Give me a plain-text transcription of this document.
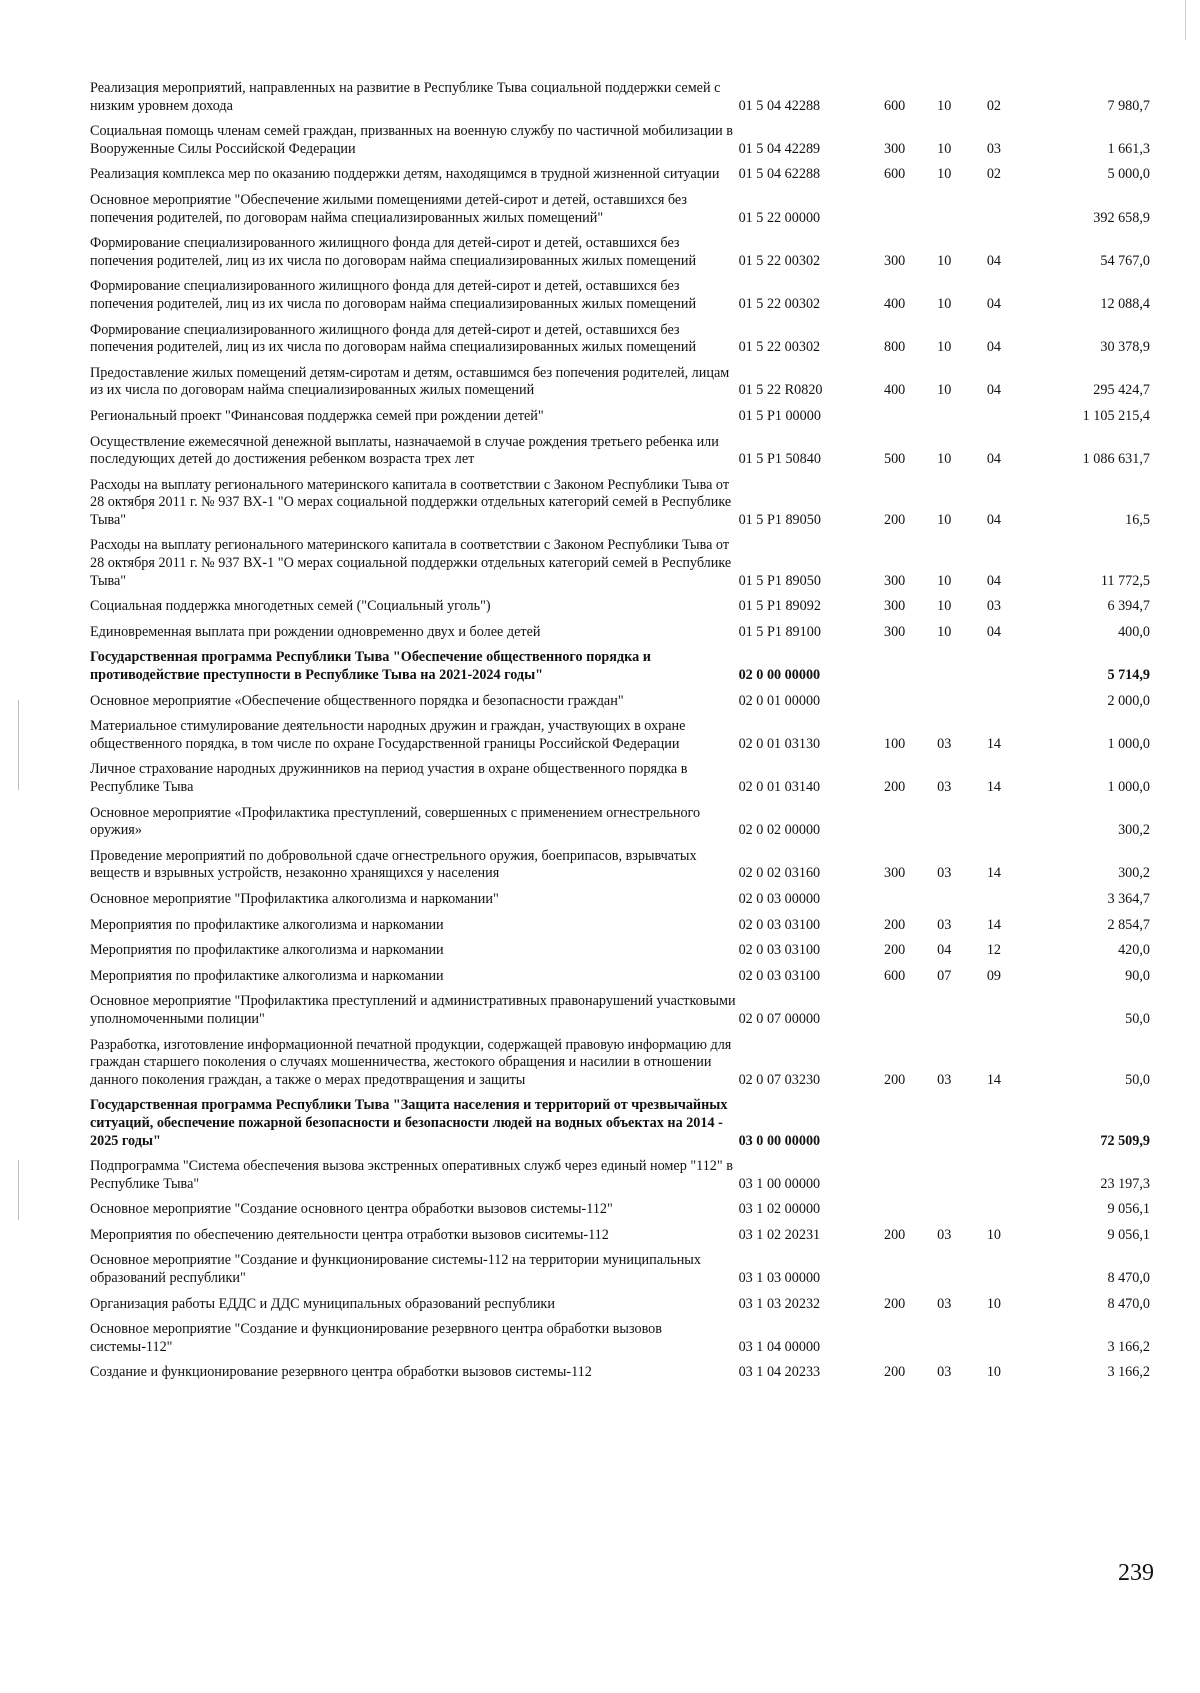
Реализация мероприятий, направленных на развитие в Республике Тыва социальной поддержки семей с низким уровнем дохода	01 5 04 42288	600	10	02	7 980,7
Социальная помощь членам семей граждан, призванных на военную службу по частичной мобилизации в Вооруженные Силы Российской Федерации	01 5 04 42289	300	10	03	1 661,3
Реализация комплекса мер по оказанию поддержки детям, находящимся в трудной жизненной ситуации	01 5 04 62288	600	10	02	5 000,0
Основное мероприятие "Обеспечение жилыми помещениями детей-сирот и детей, оставшихся без попечения родителей, по договорам найма специализированных жилых помещений"	01 5 22 00000				392 658,9
Формирование специализированного жилищного фонда для детей-сирот и детей, оставшихся без попечения родителей, лиц из их числа по договорам найма специализированных жилых помещений	01 5 22 00302	300	10	04	54 767,0
Формирование специализированного жилищного фонда для детей-сирот и детей, оставшихся без попечения родителей, лиц из их числа по договорам найма специализированных жилых помещений	01 5 22 00302	400	10	04	12 088,4
Формирование специализированного жилищного фонда для детей-сирот и детей, оставшихся без попечения родителей, лиц из их числа по договорам найма специализированных жилых помещений	01 5 22 00302	800	10	04	30 378,9
Предоставление жилых помещений детям-сиротам и детям, оставшимся без попечения родителей, лицам из их числа по договорам найма специализированных жилых помещений	01 5 22 R0820	400	10	04	295 424,7
Региональный проект "Финансовая поддержка семей при рождении детей"	01 5 P1 00000				1 105 215,4
Осуществление ежемесячной денежной выплаты, назначаемой в случае рождения третьего ребенка или последующих детей до достижения ребенком возраста трех лет	01 5 P1 50840	500	10	04	1 086 631,7
Расходы на выплату регионального материнского капитала в соответствии с Законом Республики Тыва от 28 октября 2011 г. № 937 ВХ-1 "О мерах социальной поддержки отдельных категорий семей в Республике Тыва"	01 5 P1 89050	200	10	04	16,5
Расходы на выплату регионального материнского капитала в соответствии с Законом Республики Тыва от 28 октября 2011 г. № 937 ВХ-1 "О мерах социальной поддержки отдельных категорий семей в Республике Тыва"	01 5 P1 89050	300	10	04	11 772,5
Социальная поддержка многодетных семей ("Социальный уголь")	01 5 P1 89092	300	10	03	6 394,7
Единовременная выплата при рождении одновременно двух и более детей	01 5 P1 89100	300	10	04	400,0
Государственная программа Республики Тыва "Обеспечение общественного порядка и противодействие преступности в Республике Тыва на 2021-2024 годы"	02 0 00 00000				5 714,9
Основное мероприятие «Обеспечение общественного порядка и безопасности граждан"	02 0 01 00000				2 000,0
Материальное стимулирование деятельности народных дружин и граждан, участвующих в охране общественного порядка, в том числе по охране Государственной границы Российской Федерации	02 0 01 03130	100	03	14	1 000,0
Личное страхование народных дружинников на период участия в охране общественного порядка в Республике Тыва	02 0 01 03140	200	03	14	1 000,0
Основное мероприятие «Профилактика преступлений, совершенных с применением огнестрельного оружия»	02 0 02 00000				300,2
Проведение мероприятий по добровольной сдаче огнестрельного оружия, боеприпасов, взрывчатых веществ и взрывных устройств, незаконно хранящихся у населения	02 0 02 03160	300	03	14	300,2
Основное мероприятие "Профилактика алкоголизма и наркомании"	02 0 03 00000				3 364,7
Мероприятия по профилактике алкоголизма и наркомании	02 0 03 03100	200	03	14	2 854,7
Мероприятия по профилактике алкоголизма и наркомании	02 0 03 03100	200	04	12	420,0
Мероприятия по профилактике алкоголизма и наркомании	02 0 03 03100	600	07	09	90,0
Основное мероприятие "Профилактика преступлений и административных правонарушений участковыми уполномоченными полиции"	02 0 07 00000				50,0
Разработка, изготовление информационной печатной продукции, содержащей правовую информацию для граждан старшего поколения о случаях мошенничества, жестокого обращения и насилии в отношении данного поколения граждан, а также о мерах предотвращения и защиты	02 0 07 03230	200	03	14	50,0
Государственная программа Республики Тыва "Защита населения и территорий от чрезвычайных ситуаций, обеспечение пожарной безопасности и безопасности людей на водных объектах на 2014 - 2025 годы"	03 0 00 00000				72 509,9
Подпрограмма "Система обеспечения вызова экстренных оперативных служб через единый номер "112" в Республике Тыва"	03 1 00 00000				23 197,3
Основное мероприятие "Создание основного центра обработки вызовов системы-112"	03 1 02 00000				9 056,1
Мероприятия по обеспечению деятельности центра отработки вызовов сиситемы-112	03 1 02 20231	200	03	10	9 056,1
Основное мероприятие "Создание и функционирование системы-112 на территории муниципальных образований республики"	03 1 03 00000				8 470,0
Организация работы ЕДДС и ДДС муниципальных образований республики	03 1 03 20232	200	03	10	8 470,0
Основное мероприятие "Создание и функционирование резервного центра обработки вызовов системы-112"	03 1 04 00000				3 166,2
Создание и функционирование резервного центра обработки вызовов системы-112	03 1 04 20233	200	03	10	3 166,2
239
